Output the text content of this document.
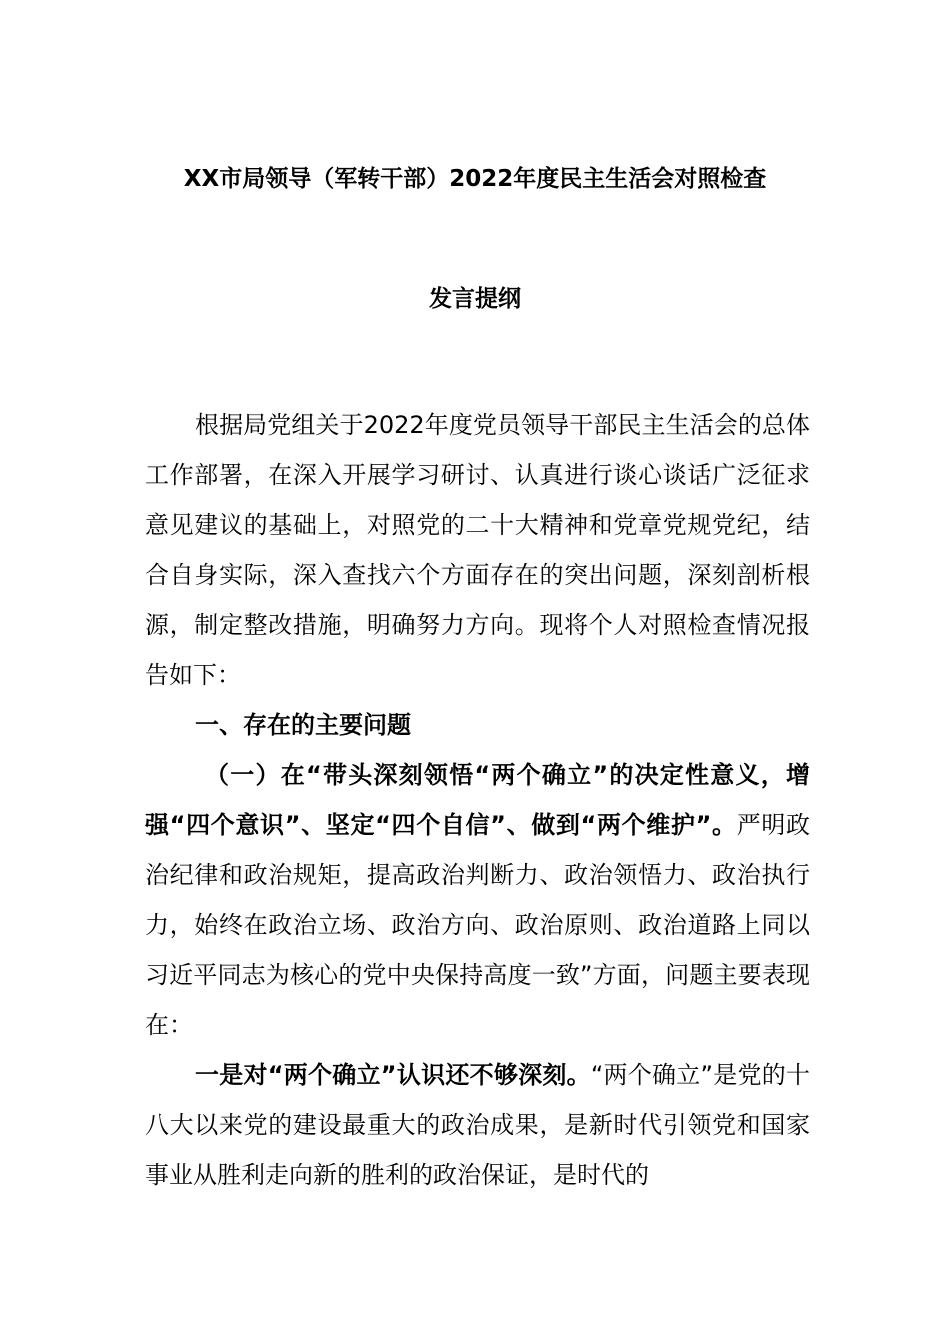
XX市局领导（军转干部）2022年度民主生活会对照检查
发言提纲

根据局党组关于2022年度党员领导干部民主生活会的总体工作部署，在深入开展学习研讨、认真进行谈心谈话广泛征求意见建议的基础上，对照党的二十大精神和党章党规党纪，结合自身实际，深入查找六个方面存在的突出问题，深刻剖析根源，制定整改措施，明确努力方向。现将个人对照检查情况报告如下：

一、存在的主要问题

（一）在“带头深刻领悟“两个确立”的决定性意义，增强“四个意识”、坚定“四个自信”、做到“两个维护”。严明政治纪律和政治规矩，提高政治判断力、政治领悟力、政治执行力，始终在政治立场、政治方向、政治原则、政治道路上同以习近平同志为核心的党中央保持高度一致”方面，问题主要表现在：

一是对“两个确立”认识还不够深刻。“两个确立”是党的十八大以来党的建设最重大的政治成果，是新时代引领党和国家事业从胜利走向新的胜利的政治保证，是时代的
